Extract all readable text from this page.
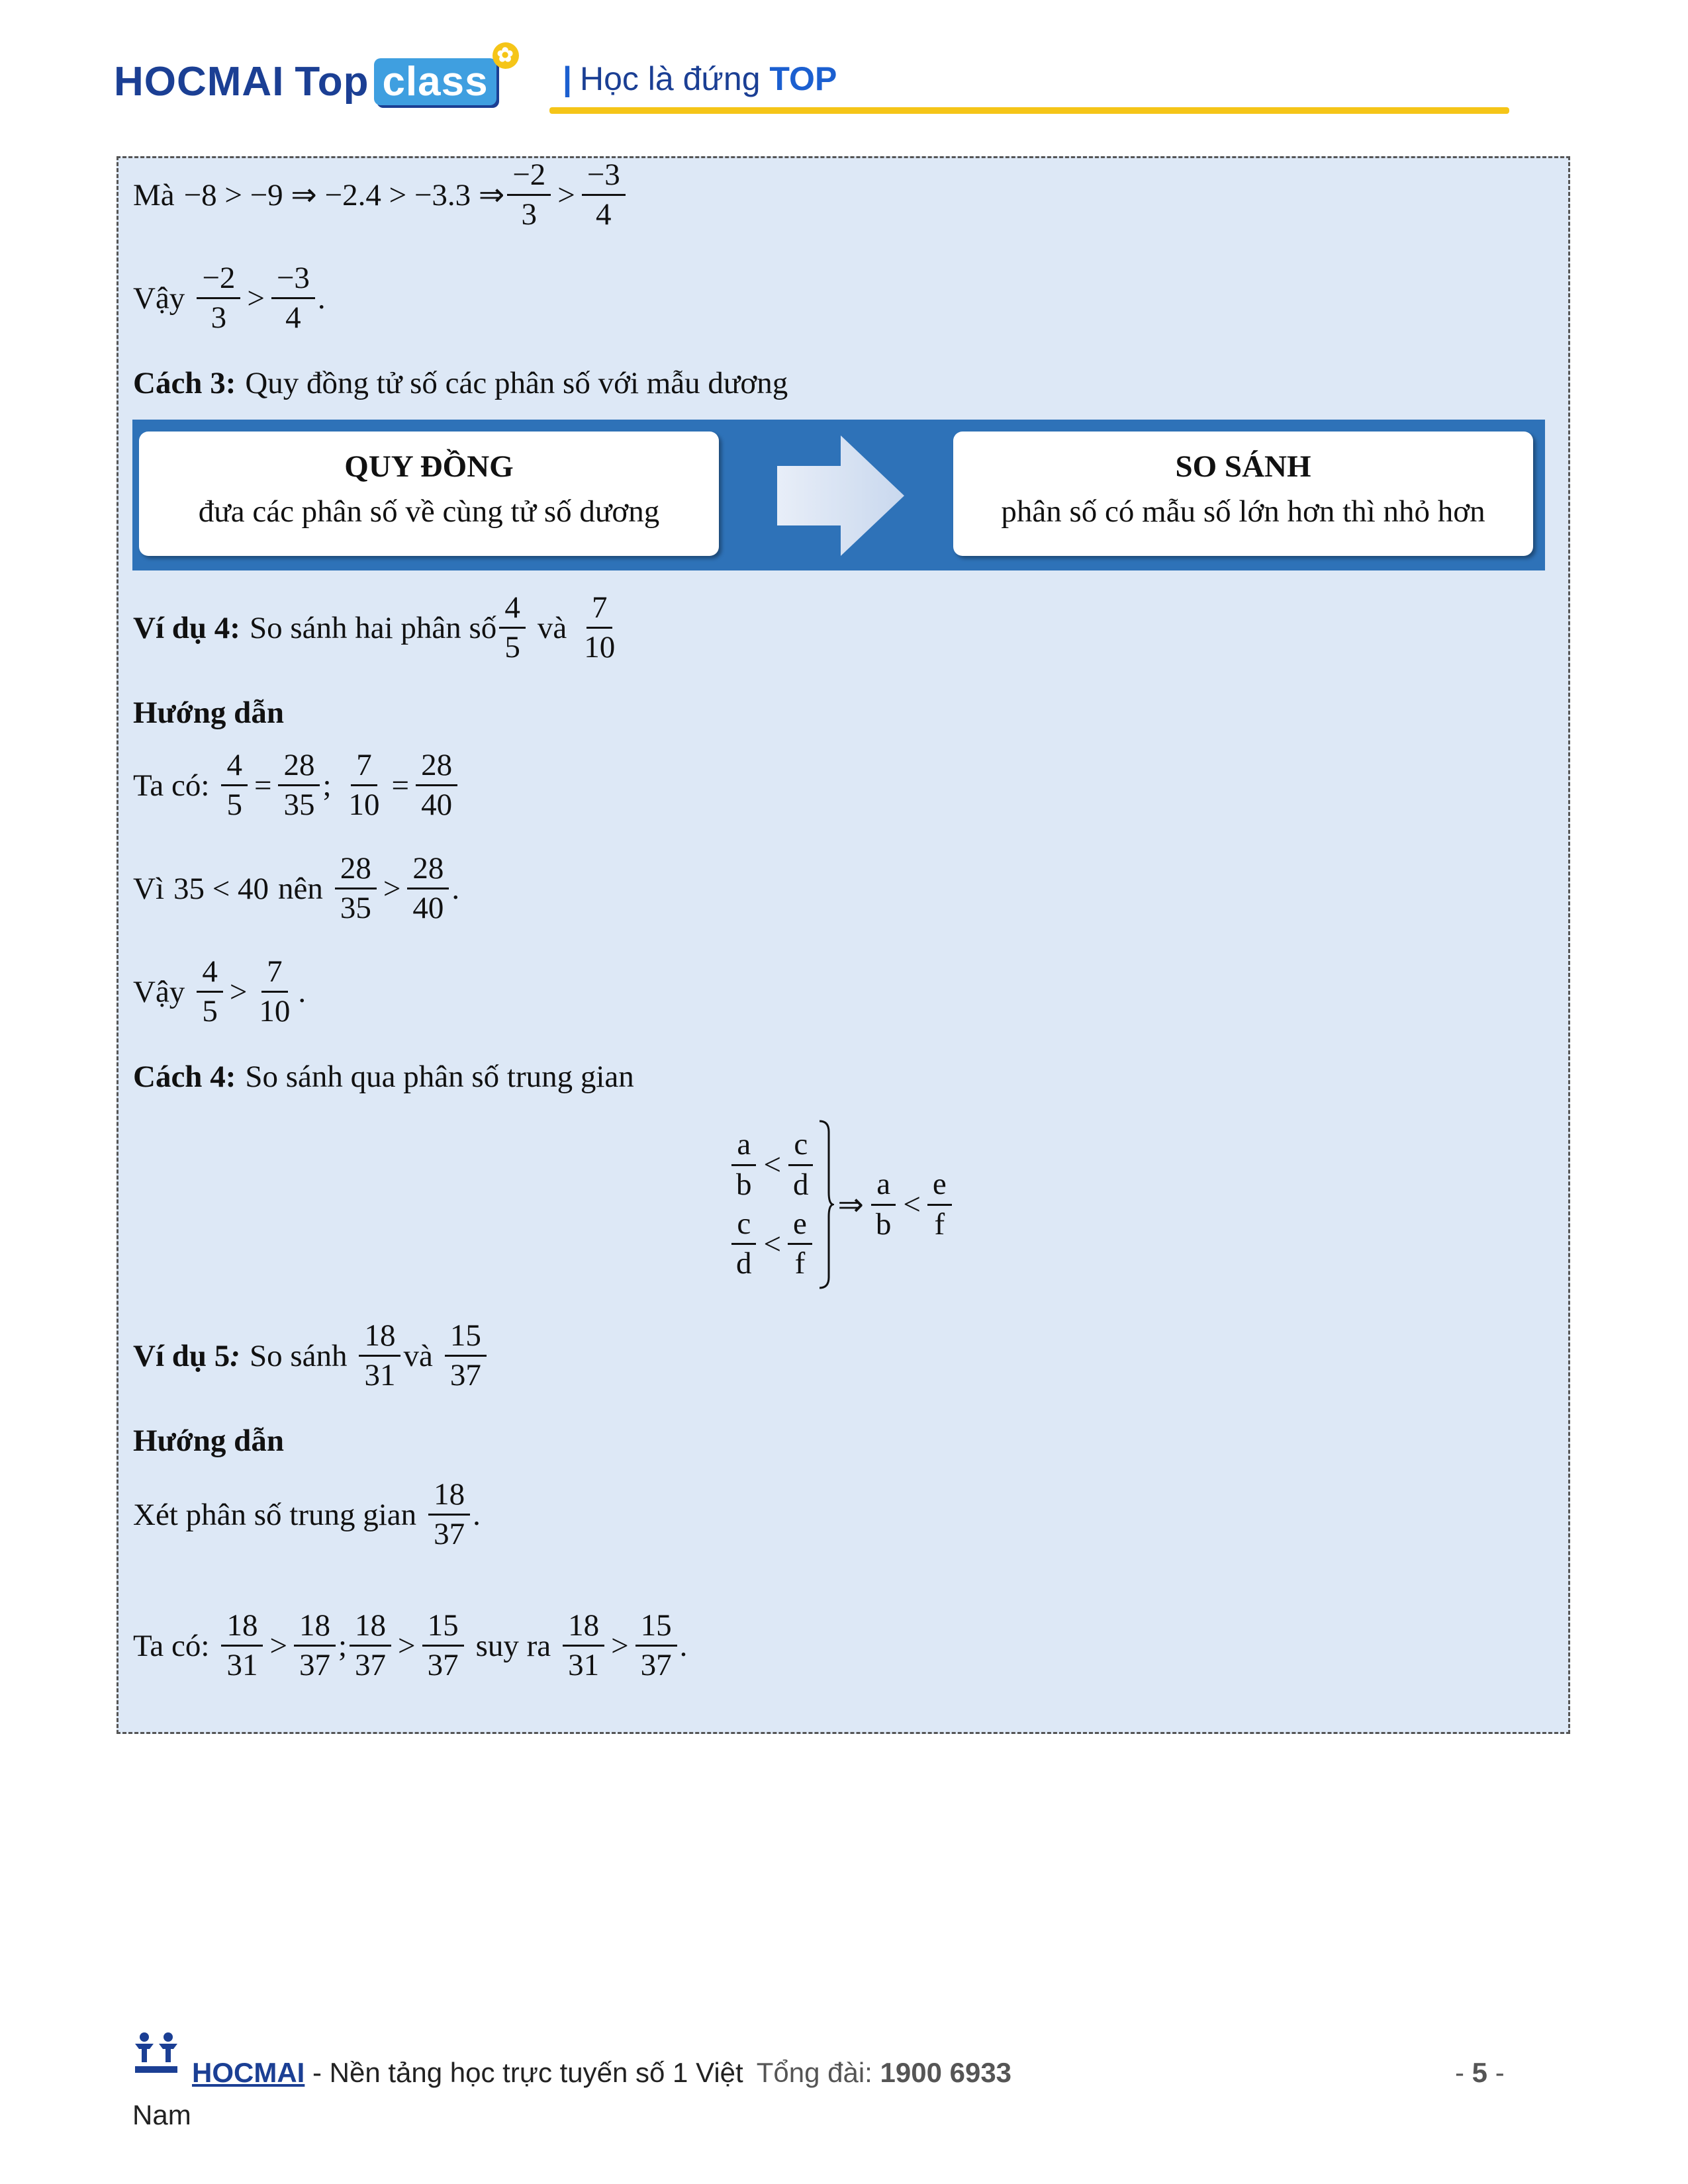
HOCMAI Top class
✿
| Học là đứng TOP
Mà −8 > −9 ⇒ −2.4 > −3.3 ⇒ $\frac{-2}{3} > \frac{-3}{4}$
Vậy $\frac{-2}{3} > \frac{-3}{4}$ .
Cách 3: Quy đồng tử số các phân số với mẫu dương
QUY ĐỒNG
đưa các phân số về cùng tử số dương
SO SÁNH
phân số có mẫu số lớn hơn thì nhỏ hơn
Ví dụ 4: So sánh hai phân số $\frac{4}{5}$ và $\frac{7}{10}$
Hướng dẫn
Ta có: $\frac{4}{5} = \frac{28}{35}$ ; $\frac{7}{10} = \frac{28}{40}$
Vì 35 < 40 nên $\frac{28}{35} > \frac{28}{40}$ .
Vậy $\frac{4}{5} > \frac{7}{10}$ .
Cách 4: So sánh qua phân số trung gian
$\frac{a}{b} < \frac{c}{d}$
$\frac{c}{d} < \frac{e}{f}$
⇒ $\frac{a}{b} < \frac{e}{f}$
Ví dụ 5 : So sánh $\frac{18}{31}$ và $\frac{15}{37}$
Hướng dẫn
Xét phân số trung gian $\frac{18}{37}$ .
Ta có: $\frac{18}{31} > \frac{18}{37}$ ; $\frac{18}{37} > \frac{15}{37}$ suy ra $\frac{18}{31} > \frac{15}{37}$ .
HOCMAI - Nền tảng học trực tuyến số 1 Việt Tổng đài: 1900 6933
Nam
- 5 -
